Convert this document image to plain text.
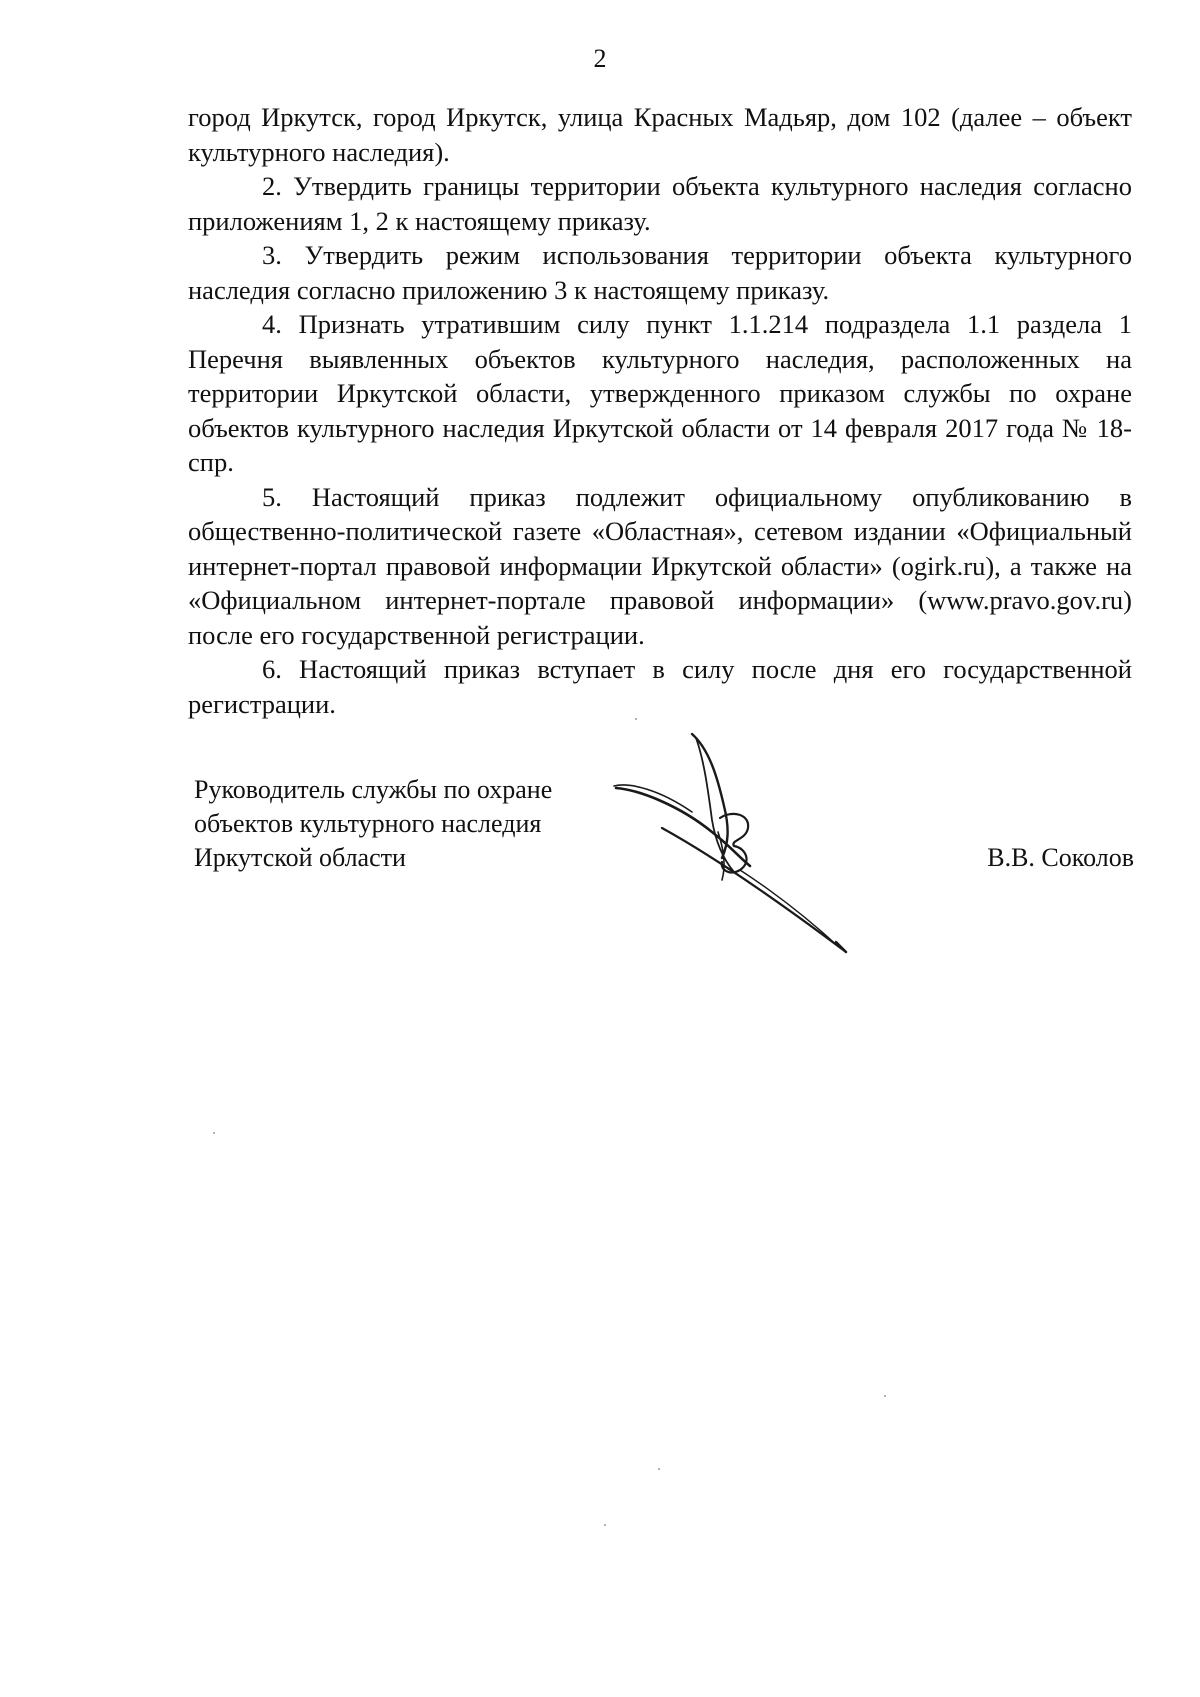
2

город Иркутск, город Иркутск, улица Красных Мадьяр, дом 102 (далее – объект культурного наследия).

2. Утвердить границы территории объекта культурного наследия согласно приложениям 1, 2 к настоящему приказу.

3. Утвердить режим использования территории объекта культурного наследия согласно приложению 3 к настоящему приказу.

4. Признать утратившим силу пункт 1.1.214 подраздела 1.1 раздела 1 Перечня выявленных объектов культурного наследия, расположенных на территории Иркутской области, утвержденного приказом службы по охране объектов культурного наследия Иркутской области от 14 февраля 2017 года № 18-спр.

5. Настоящий приказ подлежит официальному опубликованию в общественно-политической газете «Областная», сетевом издании «Официальный интернет-портал правовой информации Иркутской области» (ogirk.ru), а также на «Официальном интернет-портале правовой информации» (www.pravo.gov.ru) после его государственной регистрации.

6. Настоящий приказ вступает в силу после дня его государственной регистрации.

Руководитель службы по охране
объектов культурного наследия
Иркутской области	В.В. Соколов
